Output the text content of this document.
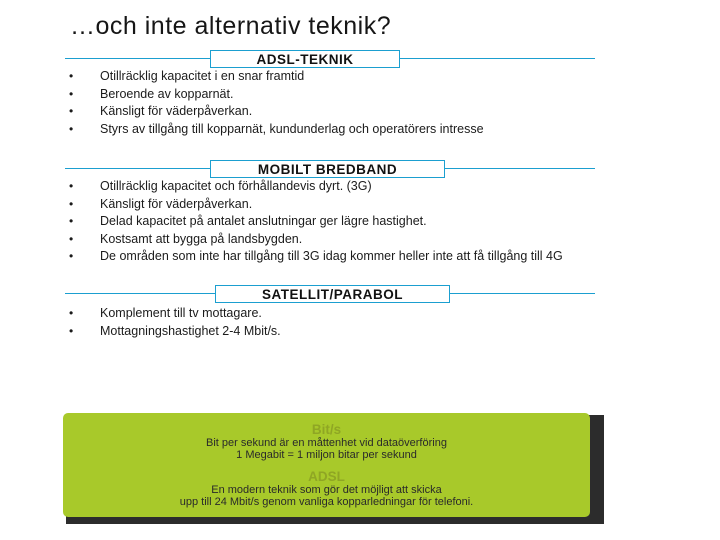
…och inte alternativ teknik?
ADSL-TEKNIK
• Otillräcklig kapacitet i en snar framtid
• Beroende av kopparnät.
• Känsligt för väderpåverkan.
• Styrs av tillgång till kopparnät, kundunderlag och operatörers intresse
MOBILT BREDBAND
• Otillräcklig kapacitet och förhållandevis dyrt. (3G)
• Känsligt för väderpåverkan.
• Delad kapacitet på antalet anslutningar ger lägre hastighet.
• Kostsamt att bygga på landsbygden.
• De områden som inte har tillgång till 3G idag kommer heller inte att få tillgång till 4G
SATELLIT/PARABOL
• Komplement till tv mottagare.
• Mottagningshastighet 2-4 Mbit/s.
Bit/s
Bit per sekund är en måttenhet vid dataöverföring
1 Megabit = 1 miljon bitar per sekund
ADSL
En modern teknik som gör det möjligt att skicka
upp till 24 Mbit/s genom vanliga kopparledningar för telefoni.
